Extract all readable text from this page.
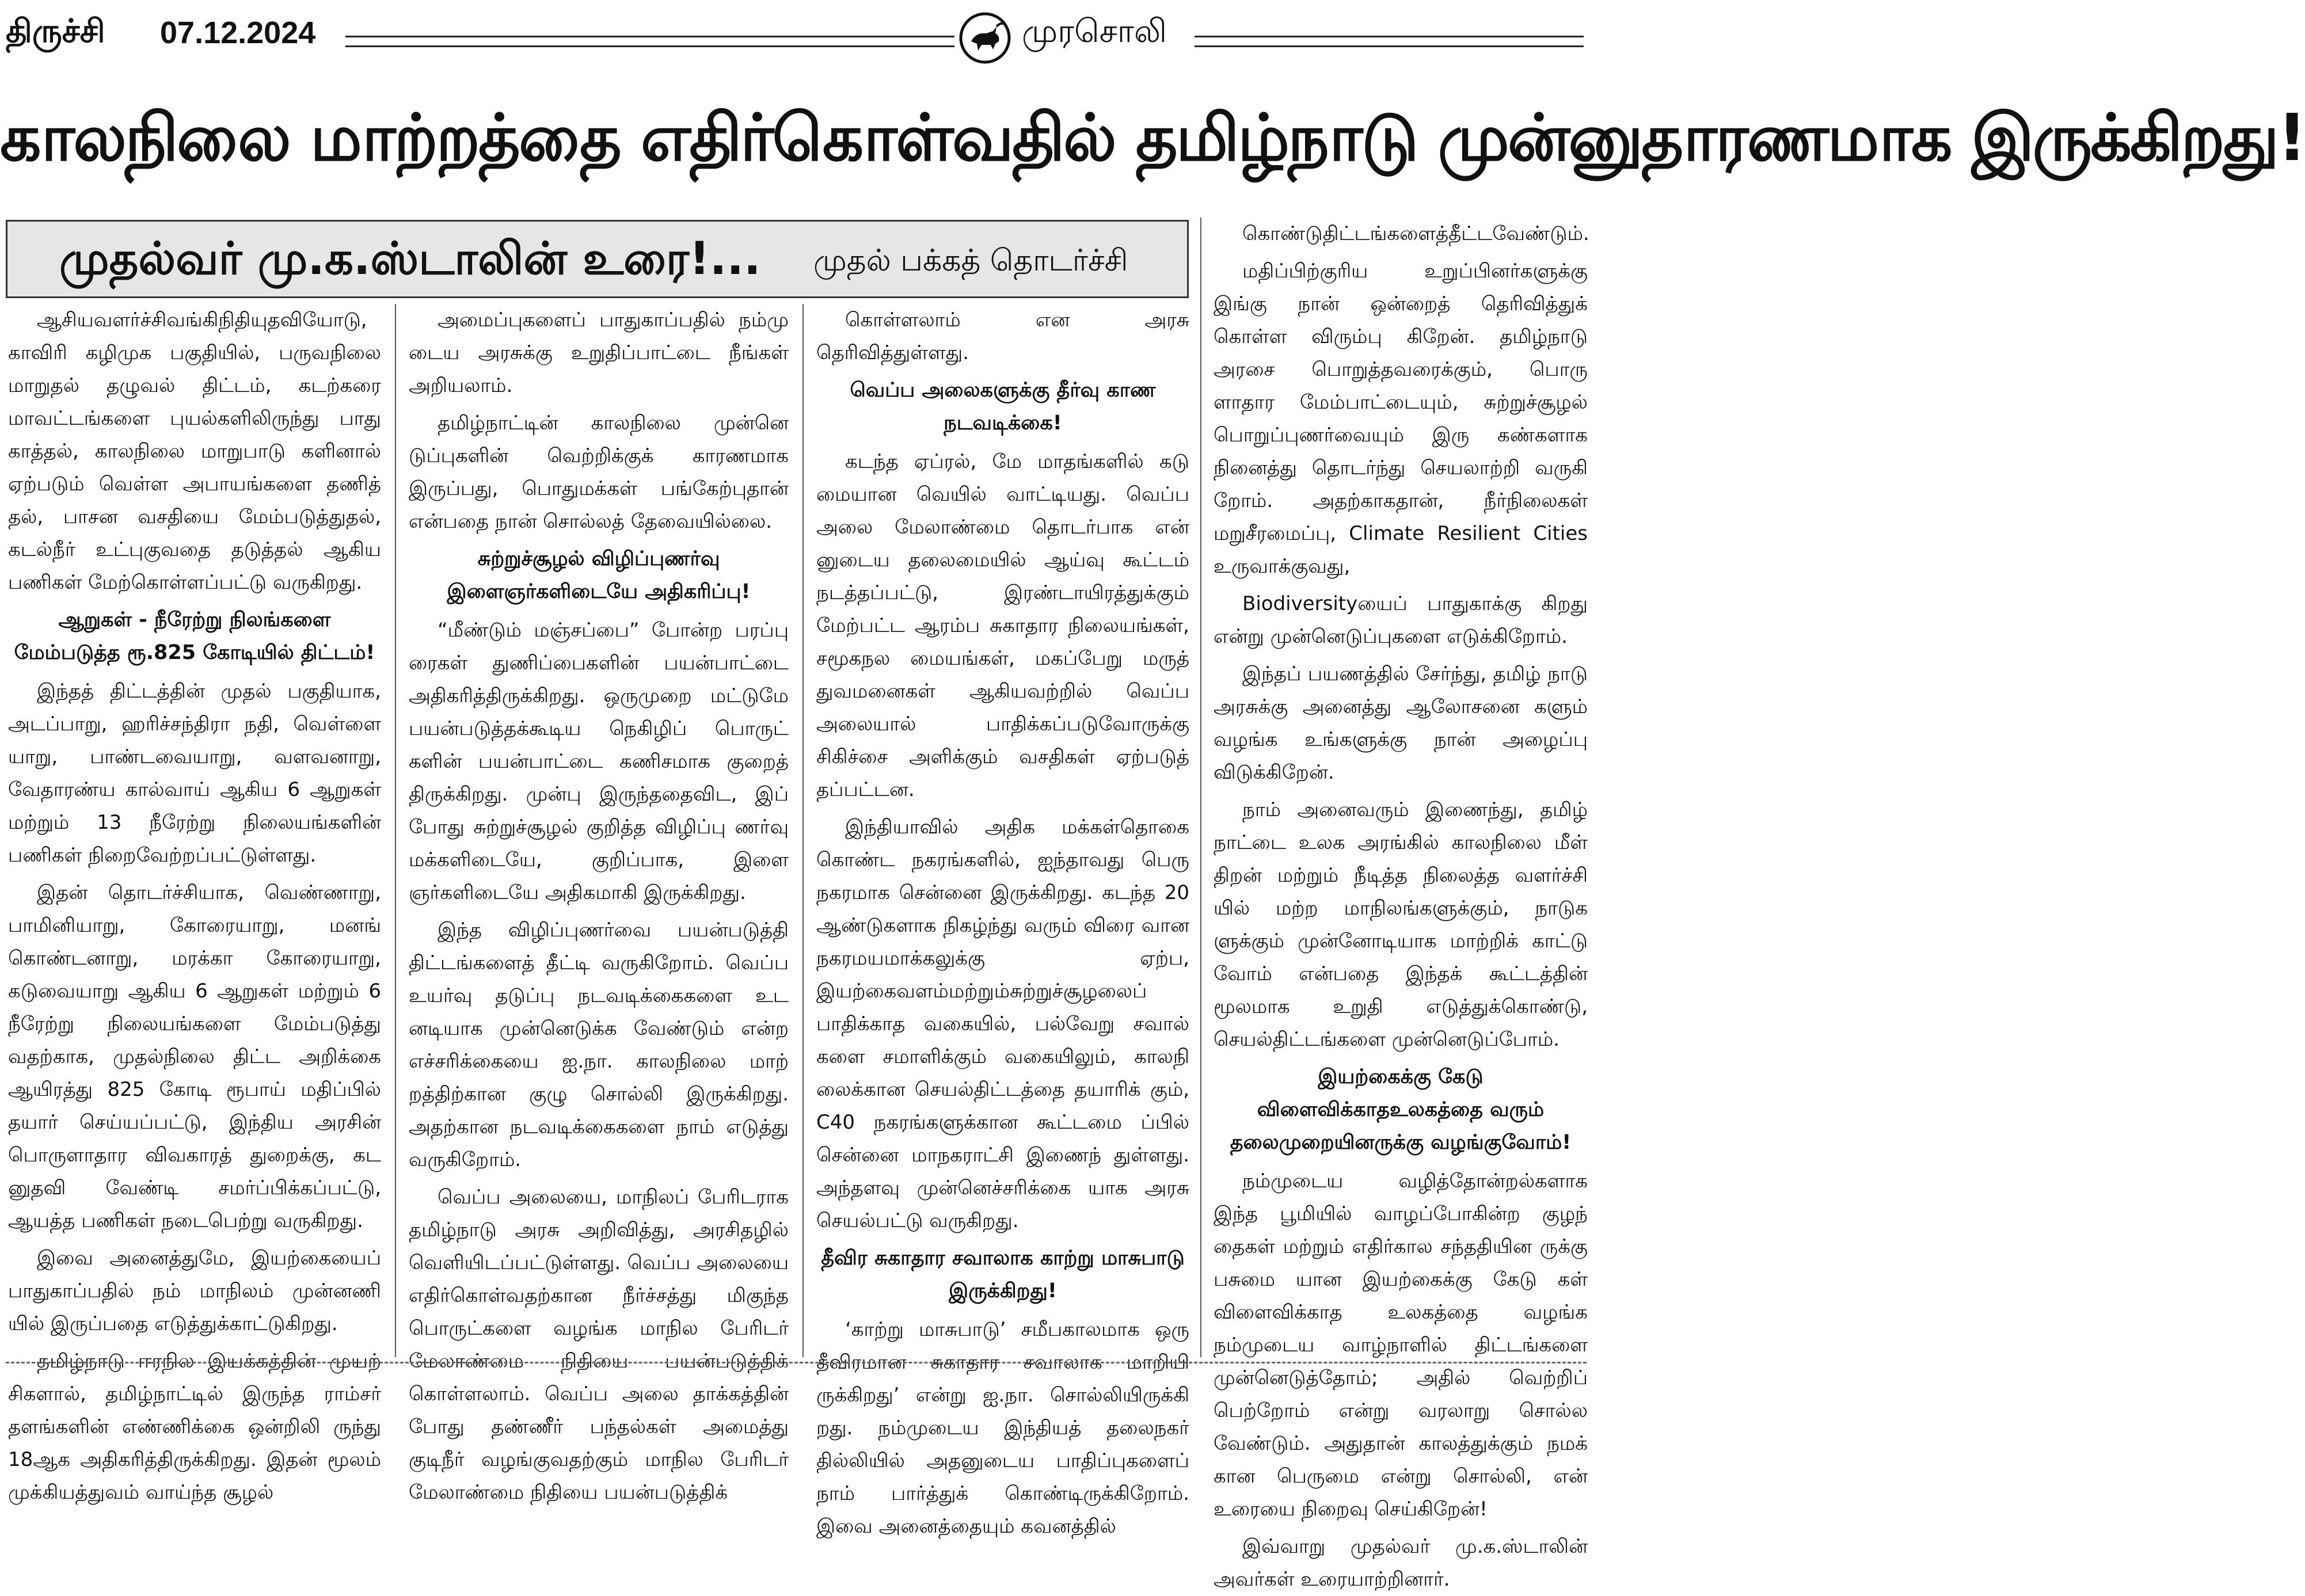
திருச்சி 07.12.2024	முரசொலி
காலநிலை மாற்றத்தை எதிர்கொள்வதில் தமிழ்நாடு முன்னுதாரணமாக இருக்கிறது!
முதல்வர் மு.க.ஸ்டாலின் உரை!... முதல் பக்கத் தொடர்ச்சி

ஆசியவளர்ச்சிவங்கிநிதியுதவியோடு, காவிரி கழிமுக பகுதியில், பருவநிலை மாறுதல் தழுவல் திட்டம், கடற்கரை மாவட்டங்களை புயல்களிலிருந்து பாது காத்தல், காலநிலை மாறுபாடு களினால் ஏற்படும் வெள்ள அபாயங்களை தணித் தல், பாசன வசதியை மேம்படுத்துதல், கடல்நீர் உட்புகுவதை தடுத்தல் ஆகிய பணிகள் மேற்கொள்ளப்பட்டு வருகிறது.

ஆறுகள் - நீரேற்று நிலங்களை மேம்படுத்த ரூ.825 கோடியில் திட்டம்!

இந்தத் திட்டத்தின் முதல் பகுதியாக, அடப்பாறு, ஹரிச்சந்திரா நதி, வெள்ளை யாறு, பாண்டவையாறு, வளவனாறு, வேதாரண்ய கால்வாய் ஆகிய 6 ஆறுகள் மற்றும் 13 நீரேற்று நிலையங்களின் பணிகள் நிறைவேற்றப்பட்டுள்ளது.

இதன் தொடர்ச்சியாக, வெண்ணாறு, பாமினியாறு, கோரையாறு, மனங் கொண்டனாறு, மரக்கா கோரையாறு, கடுவையாறு ஆகிய 6 ஆறுகள் மற்றும் 6 நீரேற்று நிலையங்களை மேம்படுத்து வதற்காக, முதல்நிலை திட்ட அறிக்கை ஆயிரத்து 825 கோடி ரூபாய் மதிப்பில் தயார் செய்யப்பட்டு, இந்திய அரசின் பொருளாதார விவகாரத் துறைக்கு, கட னுதவி வேண்டி சமர்ப்பிக்கப்பட்டு, ஆயத்த பணிகள் நடைபெற்று வருகிறது.

இவை அனைத்துமே, இயற்கையைப் பாதுகாப்பதில் நம் மாநிலம் முன்னணி யில் இருப்பதை எடுத்துக்காட்டுகிறது.

தமிழ்நாடு ஈரநில இயக்கத்தின் முயற் சிகளால், தமிழ்நாட்டில் இருந்த ராம்சர் தளங்களின் எண்ணிக்கை ஒன்றிலி ருந்து 18ஆக அதிகரித்திருக்கிறது. இதன் மூலம் முக்கியத்துவம் வாய்ந்த சூழல்

அமைப்புகளைப் பாதுகாப்பதில் நம்மு டைய அரசுக்கு உறுதிப்பாட்டை நீங்கள் அறியலாம்.

தமிழ்நாட்டின் காலநிலை முன்னெ டுப்புகளின் வெற்றிக்குக் காரணமாக இருப்பது, பொதுமக்கள் பங்கேற்புதான் என்பதை நான் சொல்லத் தேவையில்லை.

சுற்றுச்சூழல் விழிப்புணர்வு இளைஞர்களிடையே அதிகரிப்பு!

“மீண்டும் மஞ்சப்பை” போன்ற பரப்பு ரைகள் துணிப்பைகளின் பயன்பாட்டை அதிகரித்திருக்கிறது. ஒருமுறை மட்டுமே பயன்படுத்தக்கூடிய நெகிழிப் பொருட் களின் பயன்பாட்டை கணிசமாக குறைத் திருக்கிறது. முன்பு இருந்ததைவிட, இப் போது சுற்றுச்சூழல் குறித்த விழிப்பு ணர்வு மக்களிடையே, குறிப்பாக, இளை ஞர்களிடையே அதிகமாகி இருக்கிறது.

இந்த விழிப்புணர்வை பயன்படுத்தி திட்டங்களைத் தீட்டி வருகிறோம். வெப்ப உயர்வு தடுப்பு நடவடிக்கைகளை உட னடியாக முன்னெடுக்க வேண்டும் என்ற எச்சரிக்கையை ஐ.நா. காலநிலை மாற் றத்திற்கான குழு சொல்லி இருக்கிறது. அதற்கான நடவடிக்கைகளை நாம் எடுத்து வருகிறோம்.

வெப்ப அலையை, மாநிலப் பேரிடராக தமிழ்நாடு அரசு அறிவித்து, அரசிதழில் வெளியிடப்பட்டுள்ளது. வெப்ப அலையை எதிர்கொள்வதற்கான நீர்ச்சத்து மிகுந்த பொருட்களை வழங்க மாநில பேரிடர் மேலாண்மை நிதியை பயன்படுத்திக் கொள்ளலாம். வெப்ப அலை தாக்கத்தின் போது தண்ணீர் பந்தல்கள் அமைத்து குடிநீர் வழங்குவதற்கும் மாநில பேரிடர் மேலாண்மை நிதியை பயன்படுத்திக்

கொள்ளலாம் என அரசு தெரிவித்துள்ளது.

வெப்ப அலைகளுக்கு தீர்வு காண நடவடிக்கை!

கடந்த ஏப்ரல், மே மாதங்களில் கடு மையான வெயில் வாட்டியது. வெப்ப அலை மேலாண்மை தொடர்பாக என் னுடைய தலைமையில் ஆய்வு கூட்டம் நடத்தப்பட்டு, இரண்டாயிரத்துக்கும் மேற்பட்ட ஆரம்ப சுகாதார நிலையங்கள், சமூகநல மையங்கள், மகப்பேறு மருத் துவமனைகள் ஆகியவற்றில் வெப்ப அலையால் பாதிக்கப்படுவோருக்கு சிகிச்சை அளிக்கும் வசதிகள் ஏற்படுத் தப்பட்டன.

இந்தியாவில் அதிக மக்கள்தொகை கொண்ட நகரங்களில், ஐந்தாவது பெரு நகரமாக சென்னை இருக்கிறது. கடந்த 20 ஆண்டுகளாக நிகழ்ந்து வரும் விரை வான நகரமயமாக்கலுக்கு ஏற்ப, இயற்கைவளம்மற்றும்சுற்றுச்சூழலைப் பாதிக்காத வகையில், பல்வேறு சவால் களை சமாளிக்கும் வகையிலும், காலநி லைக்கான செயல்திட்டத்தை தயாரிக் கும், C40 நகரங்களுக்கான கூட்டமை ப்பில் சென்னை மாநகராட்சி இணைந் துள்ளது. அந்தளவு முன்னெச்சரிக்கை யாக அரசு செயல்பட்டு வருகிறது.

தீவிர சுகாதார சவாலாக காற்று மாசுபாடு இருக்கிறது!

‘காற்று மாசுபாடு’ சமீபகாலமாக ஒரு தீவிரமான சுகாதார சவாலாக மாறியி ருக்கிறது’ என்று ஐ.நா. சொல்லியிருக்கி றது. நம்முடைய இந்தியத் தலைநகர் தில்லியில் அதனுடைய பாதிப்புகளைப் நாம் பார்த்துக் கொண்டிருக்கிறோம். இவை அனைத்தையும் கவனத்தில்

கொண்டுதிட்டங்களைத்தீட்டவேண்டும்.

மதிப்பிற்குரிய உறுப்பினர்களுக்கு இங்கு நான் ஒன்றைத் தெரிவித்துக் கொள்ள விரும்பு கிறேன். தமிழ்நாடு அரசை பொறுத்தவரைக்கும், பொரு ளாதார மேம்பாட்டையும், சுற்றுச்சூழல் பொறுப்புணர்வையும் இரு கண்களாக நினைத்து தொடர்ந்து செயலாற்றி வருகி றோம். அதற்காகதான், நீர்நிலைகள் மறுசீரமைப்பு, Climate Resilient Cities உருவாக்குவது,

Biodiversityயைப் பாதுகாக்கு கிறது என்று முன்னெடுப்புகளை எடுக்கிறோம்.

இந்தப் பயணத்தில் சேர்ந்து, தமிழ் நாடு அரசுக்கு அனைத்து ஆலோசனை களும் வழங்க உங்களுக்கு நான் அழைப்பு விடுக்கிறேன்.

நாம் அனைவரும் இணைந்து, தமிழ் நாட்டை உலக அரங்கில் காலநிலை மீள் திறன் மற்றும் நீடித்த நிலைத்த வளர்ச்சி யில் மற்ற மாநிலங்களுக்கும், நாடுக ளுக்கும் முன்னோடியாக மாற்றிக் காட்டு வோம் என்பதை இந்தக் கூட்டத்தின் மூலமாக உறுதி எடுத்துக்கொண்டு, செயல்திட்டங்களை முன்னெடுப்போம்.

இயற்கைக்கு கேடு விளைவிக்காதஉலகத்தை வரும் தலைமுறையினருக்கு வழங்குவோம்!

நம்முடைய வழித்தோன்றல்களாக இந்த பூமியில் வாழப்போகின்ற குழந் தைகள் மற்றும் எதிர்கால சந்ததியின ருக்கு பசுமை யான இயற்கைக்கு கேடு கள் விளைவிக்காத உலகத்தை வழங்க நம்முடைய வாழ்நாளில் திட்டங்களை முன்னெடுத்தோம்; அதில் வெற்றிப் பெற்றோம் என்று வரலாறு சொல்ல வேண்டும். அதுதான் காலத்துக்கும் நமக் கான பெருமை என்று சொல்லி, என் உரையை நிறைவு செய்கிறேன்!

இவ்வாறு முதல்வர் மு.க.ஸ்டாலின் அவர்கள் உரையாற்றினார்.
